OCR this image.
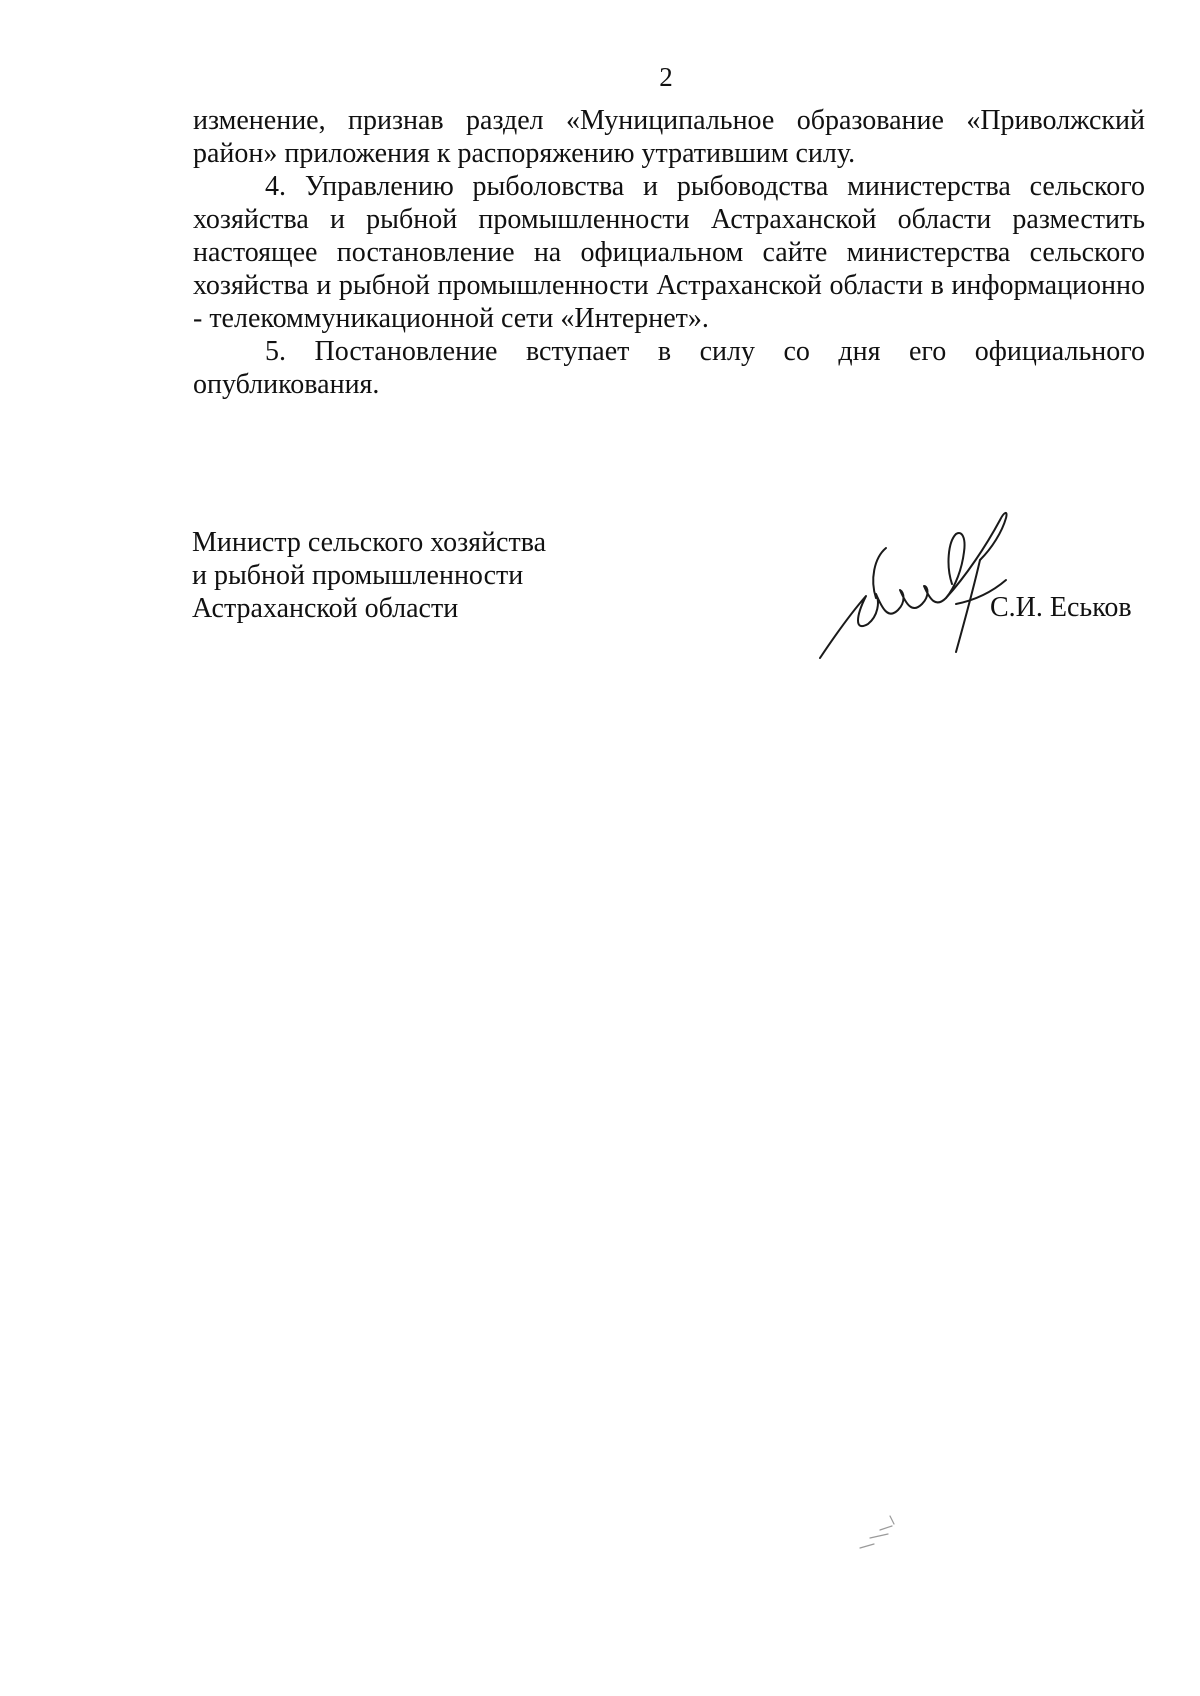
2

изменение, признав раздел «Муниципальное образование «Приволжский район» приложения к распоряжению утратившим силу.

4. Управлению рыболовства и рыбоводства министерства сельского хозяйства и рыбной промышленности Астраханской области разместить настоящее постановление на официальном сайте министерства сельского хозяйства и рыбной промышленности Астраханской области в информационно - телекоммуникационной сети «Интернет».

5. Постановление вступает в силу со дня его официального опубликования.

Министр сельского хозяйства
и рыбной промышленности
Астраханской области	С.И. Еськов
